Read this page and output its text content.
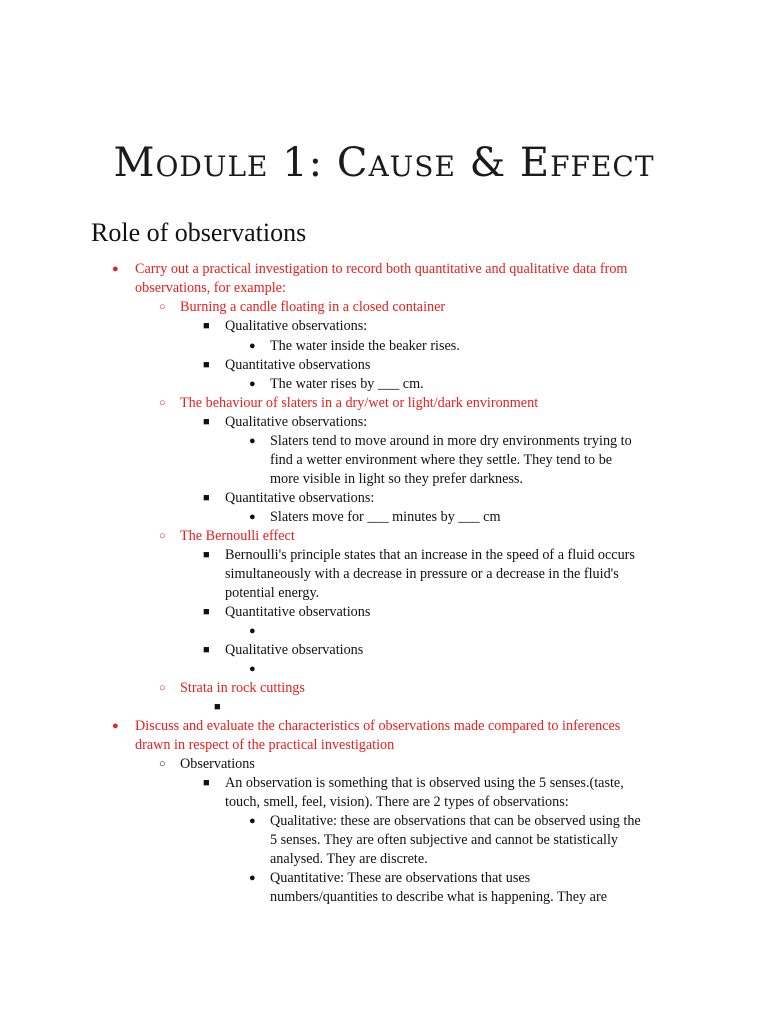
Module 1: Cause & Effect
Role of observations
● Carry out a practical investigation to record both quantitative and qualitative data from
observations, for example:
○ Burning a candle floating in a closed container
■ Qualitative observations:
● The water inside the beaker rises.
■ Quantitative observations
● The water rises by ___ cm.
○ The behaviour of slaters in a dry/wet or light/dark environment
■ Qualitative observations:
● Slaters tend to move around in more dry environments trying to
find a wetter environment where they settle. They tend to be
more visible in light so they prefer darkness.
■ Quantitative observations:
● Slaters move for ___ minutes by ___ cm
○ The Bernoulli effect
■ Bernoulli's principle states that an increase in the speed of a fluid occurs
simultaneously with a decrease in pressure or a decrease in the fluid's
potential energy.
■ Quantitative observations
●
■ Qualitative observations
●
○ Strata in rock cuttings
■
● Discuss and evaluate the characteristics of observations made compared to inferences
drawn in respect of the practical investigation
○ Observations
■ An observation is something that is observed using the 5 senses.(taste,
touch, smell, feel, vision). There are 2 types of observations:
● Qualitative: these are observations that can be observed using the
5 senses. They are often subjective and cannot be statistically
analysed. They are discrete.
● Quantitative: These are observations that uses
numbers/quantities to describe what is happening. They are
